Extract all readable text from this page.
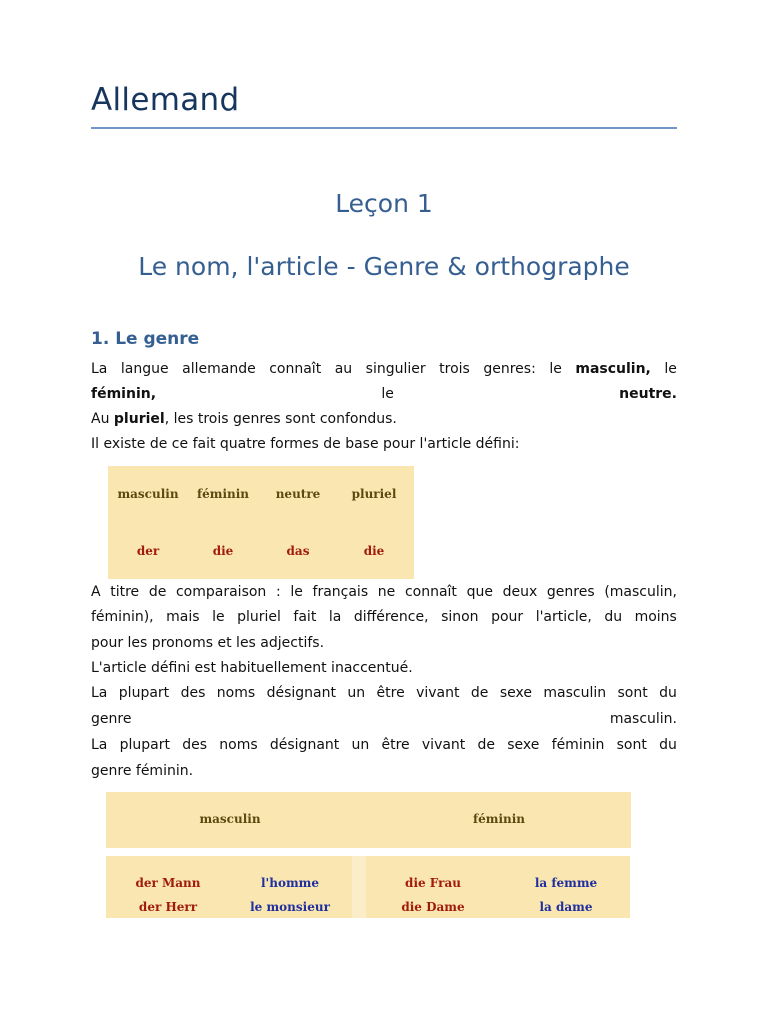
Allemand
Leçon 1
Le nom, l'article - Genre & orthographe
1. Le genre
La langue allemande connaît au singulier trois genres: le masculin, le
féminin,	le	neutre.
Au pluriel, les trois genres sont confondus.
Il existe de ce fait quatre formes de base pour l'article défini:
masculin	féminin	neutre	pluriel
der	die	das	die
A titre de comparaison : le français ne connaît que deux genres (masculin,
féminin), mais le pluriel fait la différence, sinon pour l'article, du moins
pour les pronoms et les adjectifs.
L'article défini est habituellement inaccentué.
La plupart des noms désignant un être vivant de sexe masculin sont du
genre	masculin.
La plupart des noms désignant un être vivant de sexe féminin sont du
genre féminin.
masculin	féminin
der Mann	l'homme	die Frau	la femme
der Herr	le monsieur	die Dame	la dame
